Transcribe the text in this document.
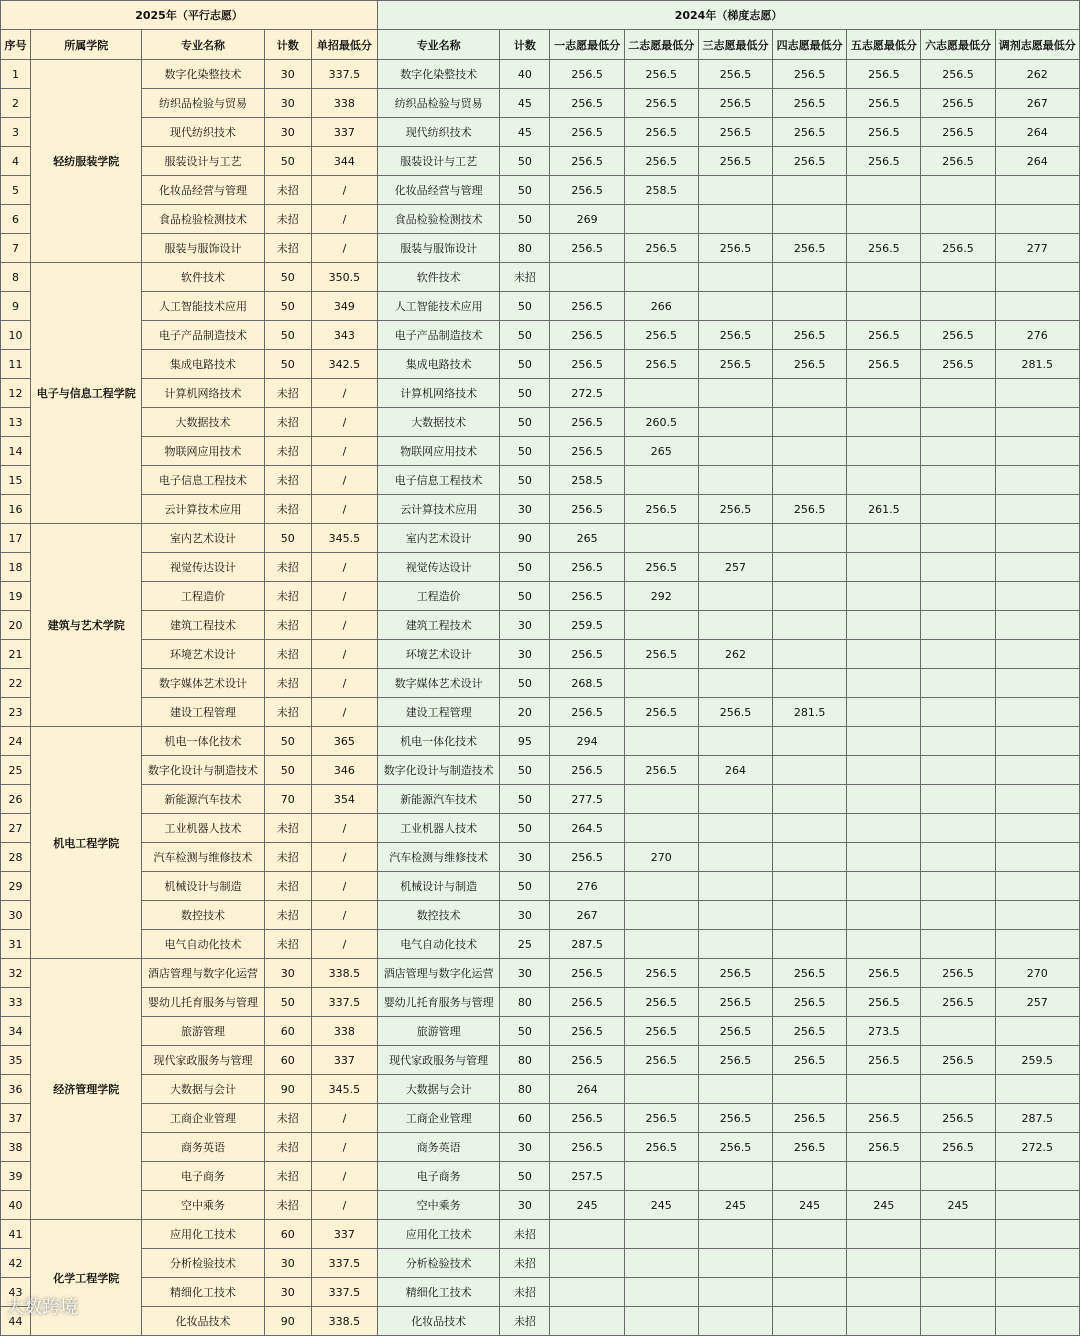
2025年（平行志愿）					2024年（梯度志愿）								
序号	所属学院	专业名称	计数	单招最低分	专业名称	计数	一志愿最低分	二志愿最低分	三志愿最低分	四志愿最低分	五志愿最低分	六志愿最低分	调剂志愿最低分
1	轻纺服装学院	数字化染整技术	30	337.5	数字化染整技术	40	256.5	256.5	256.5	256.5	256.5	256.5	262
2		纺织品检验与贸易	30	338	纺织品检验与贸易	45	256.5	256.5	256.5	256.5	256.5	256.5	267
3		现代纺织技术	30	337	现代纺织技术	45	256.5	256.5	256.5	256.5	256.5	256.5	264
4		服装设计与工艺	50	344	服装设计与工艺	50	256.5	256.5	256.5	256.5	256.5	256.5	264
5		化妆品经营与管理	未招	/	化妆品经营与管理	50	256.5	258.5					
6		食品检验检测技术	未招	/	食品检验检测技术	50	269						
7		服装与服饰设计	未招	/	服装与服饰设计	80	256.5	256.5	256.5	256.5	256.5	256.5	277
8	电子与信息工程学院	软件技术	50	350.5	软件技术	未招							
9		人工智能技术应用	50	349	人工智能技术应用	50	256.5	266					
10		电子产品制造技术	50	343	电子产品制造技术	50	256.5	256.5	256.5	256.5	256.5	256.5	276
11		集成电路技术	50	342.5	集成电路技术	50	256.5	256.5	256.5	256.5	256.5	256.5	281.5
12		计算机网络技术	未招	/	计算机网络技术	50	272.5						
13		大数据技术	未招	/	大数据技术	50	256.5	260.5					
14		物联网应用技术	未招	/	物联网应用技术	50	256.5	265					
15		电子信息工程技术	未招	/	电子信息工程技术	50	258.5						
16		云计算技术应用	未招	/	云计算技术应用	30	256.5	256.5	256.5	256.5	261.5		
17	建筑与艺术学院	室内艺术设计	50	345.5	室内艺术设计	90	265						
18		视觉传达设计	未招	/	视觉传达设计	50	256.5	256.5	257				
19		工程造价	未招	/	工程造价	50	256.5	292					
20		建筑工程技术	未招	/	建筑工程技术	30	259.5						
21		环境艺术设计	未招	/	环境艺术设计	30	256.5	256.5	262				
22		数字媒体艺术设计	未招	/	数字媒体艺术设计	50	268.5						
23		建设工程管理	未招	/	建设工程管理	20	256.5	256.5	256.5	281.5			
24	机电工程学院	机电一体化技术	50	365	机电一体化技术	95	294						
25		数字化设计与制造技术	50	346	数字化设计与制造技术	50	256.5	256.5	264				
26		新能源汽车技术	70	354	新能源汽车技术	50	277.5						
27		工业机器人技术	未招	/	工业机器人技术	50	264.5						
28		汽车检测与维修技术	未招	/	汽车检测与维修技术	30	256.5	270					
29		机械设计与制造	未招	/	机械设计与制造	50	276						
30		数控技术	未招	/	数控技术	30	267						
31		电气自动化技术	未招	/	电气自动化技术	25	287.5						
32	经济管理学院	酒店管理与数字化运营	30	338.5	酒店管理与数字化运营	30	256.5	256.5	256.5	256.5	256.5	256.5	270
33		婴幼儿托育服务与管理	50	337.5	婴幼儿托育服务与管理	80	256.5	256.5	256.5	256.5	256.5	256.5	257
34		旅游管理	60	338	旅游管理	50	256.5	256.5	256.5	256.5	273.5		
35		现代家政服务与管理	60	337	现代家政服务与管理	80	256.5	256.5	256.5	256.5	256.5	256.5	259.5
36		大数据与会计	90	345.5	大数据与会计	80	264						
37		工商企业管理	未招	/	工商企业管理	60	256.5	256.5	256.5	256.5	256.5	256.5	287.5
38		商务英语	未招	/	商务英语	30	256.5	256.5	256.5	256.5	256.5	256.5	272.5
39		电子商务	未招	/	电子商务	50	257.5						
40		空中乘务	未招	/	空中乘务	30	245	245	245	245	245	245	
41	化学工程学院	应用化工技术	60	337	应用化工技术	未招							
42		分析检验技术	30	337.5	分析检验技术	未招							
43		精细化工技术	30	337.5	精细化工技术	未招							
44		化妆品技术	90	338.5	化妆品技术	未招							
大数跨境
